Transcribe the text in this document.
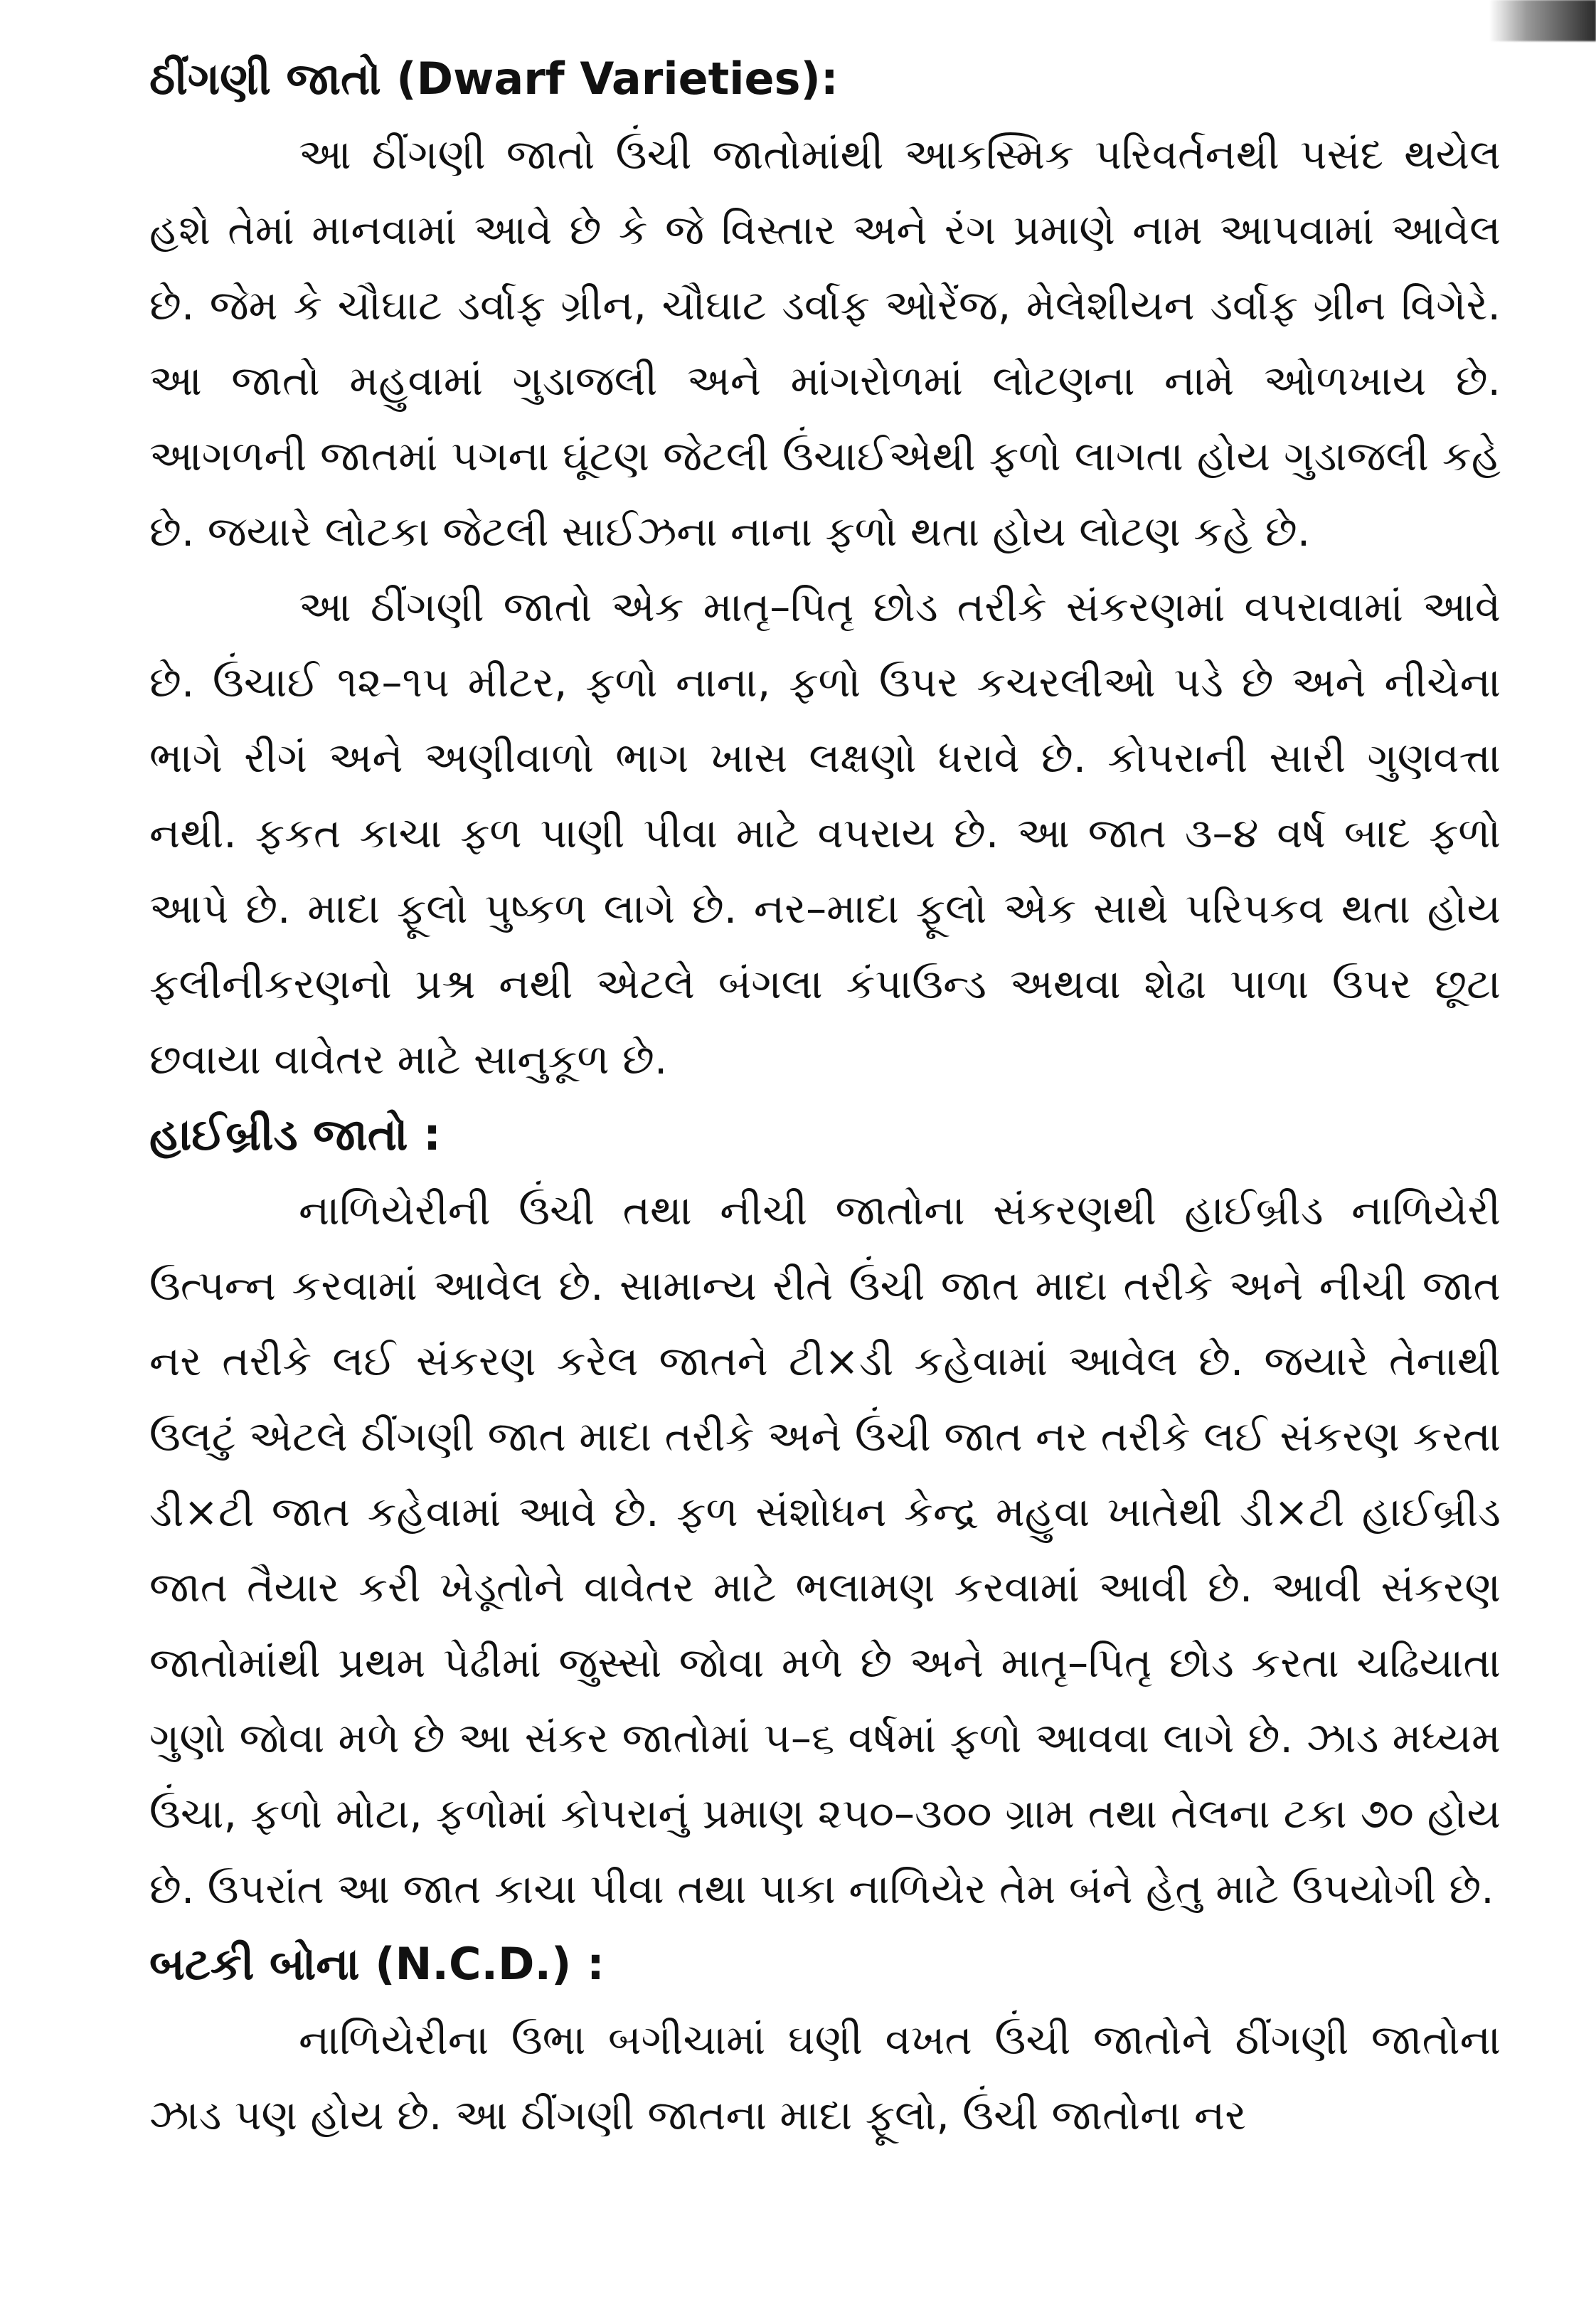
ઠીંગણી જાતો (Dwarf Varieties):

આ ઠીંગણી જાતો ઉંચી જાતોમાંથી આકસ્મિક પરિવર્તનથી પસંદ થયેલ હશે તેમાં માનવામાં આવે છે કે જે વિસ્તાર અને રંગ પ્રમાણે નામ આપવામાં આવેલ છે. જેમ કે ચૌઘાટ ડર્વાફ ગ્રીન, ચૌઘાટ ડર્વાફ ઓરેંજ, મેલેશીયન ડર્વાફ ગ્રીન વિગેરે. આ જાતો મહુવામાં ગુડાજલી અને માંગરોળમાં લોટણના નામે ઓળખાય છે. આગળની જાતમાં પગના ઘૂંટણ જેટલી ઉંચાઈએથી ફળો લાગતા હોય ગુડાજલી કહે છે. જયારે લોટકા જેટલી સાઈઝના નાના ફળો થતા હોય લોટણ કહે છે.

આ ઠીંગણી જાતો એક માતૃ–પિતૃ છોડ તરીકે સંકરણમાં વપરાવામાં આવે છે. ઉંચાઈ ૧૨–૧૫ મીટર, ફળો નાના, ફળો ઉપર કચરલીઓ પડે છે અને નીચેના ભાગે રીગં અને અણીવાળો ભાગ ખાસ લક્ષણો ધરાવે છે. કોપરાની સારી ગુણવત્તા નથી. ફકત કાચા ફળ પાણી પીવા માટે વપરાય છે. આ જાત ૩–૪ વર્ષ બાદ ફળો આપે છે. માદા ફૂલો પુષ્કળ લાગે છે. નર–માદા ફૂલો એક સાથે પરિપકવ થતા હોય ફલીનીકરણનો પ્રશ્ર નથી એટલે બંગલા કંપાઉન્ડ અથવા શેઢા પાળા ઉપર છૂટા છવાયા વાવેતર માટે સાનુકૂળ છે.

હાઈબ્રીડ જાતો :

નાળિયેરીની ઉંચી તથા નીચી જાતોના સંકરણથી હાઈબ્રીડ નાળિયેરી ઉત્પન્ન કરવામાં આવેલ છે. સામાન્ય રીતે ઉંચી જાત માદા તરીકે અને નીચી જાત નર તરીકે લઈ સંકરણ કરેલ જાતને ટી×ડી કહેવામાં આવેલ છે. જયારે તેનાથી ઉલટું એટલે ઠીંગણી જાત માદા તરીકે અને ઉંચી જાત નર તરીકે લઈ સંકરણ કરતા ડી×ટી જાત કહેવામાં આવે છે. ફળ સંશોધન કેન્દ્ર મહુવા ખાતેથી ડી×ટી હાઈબ્રીડ જાત તૈયાર કરી ખેડૂતોને વાવેતર માટે ભલામણ કરવામાં આવી છે. આવી સંકરણ જાતોમાંથી પ્રથમ પેઢીમાં જુસ્સો જોવા મળે છે અને માતૃ–પિતૃ છોડ કરતા ચઢિયાતા ગુણો જોવા મળે છે આ સંકર જાતોમાં ૫–૬ વર્ષમાં ફળો આવવા લાગે છે. ઝાડ મધ્યમ ઉંચા, ફળો મોટા, ફળોમાં કોપરાનું પ્રમાણ ૨૫૦–૩૦૦ ગ્રામ તથા તેલના ટકા ૭૦ હોય છે. ઉપરાંત આ જાત કાચા પીવા તથા પાકા નાળિયેર તેમ બંને હેતુ માટે ઉપયોગી છે.

બટકી બોના (N.C.D.) :

નાળિયેરીના ઉભા બગીચામાં ઘણી વખત ઉંચી જાતોને ઠીંગણી જાતોના ઝાડ પણ હોય છે. આ ઠીંગણી જાતના માદા ફૂલો, ઉંચી જાતોના નર
